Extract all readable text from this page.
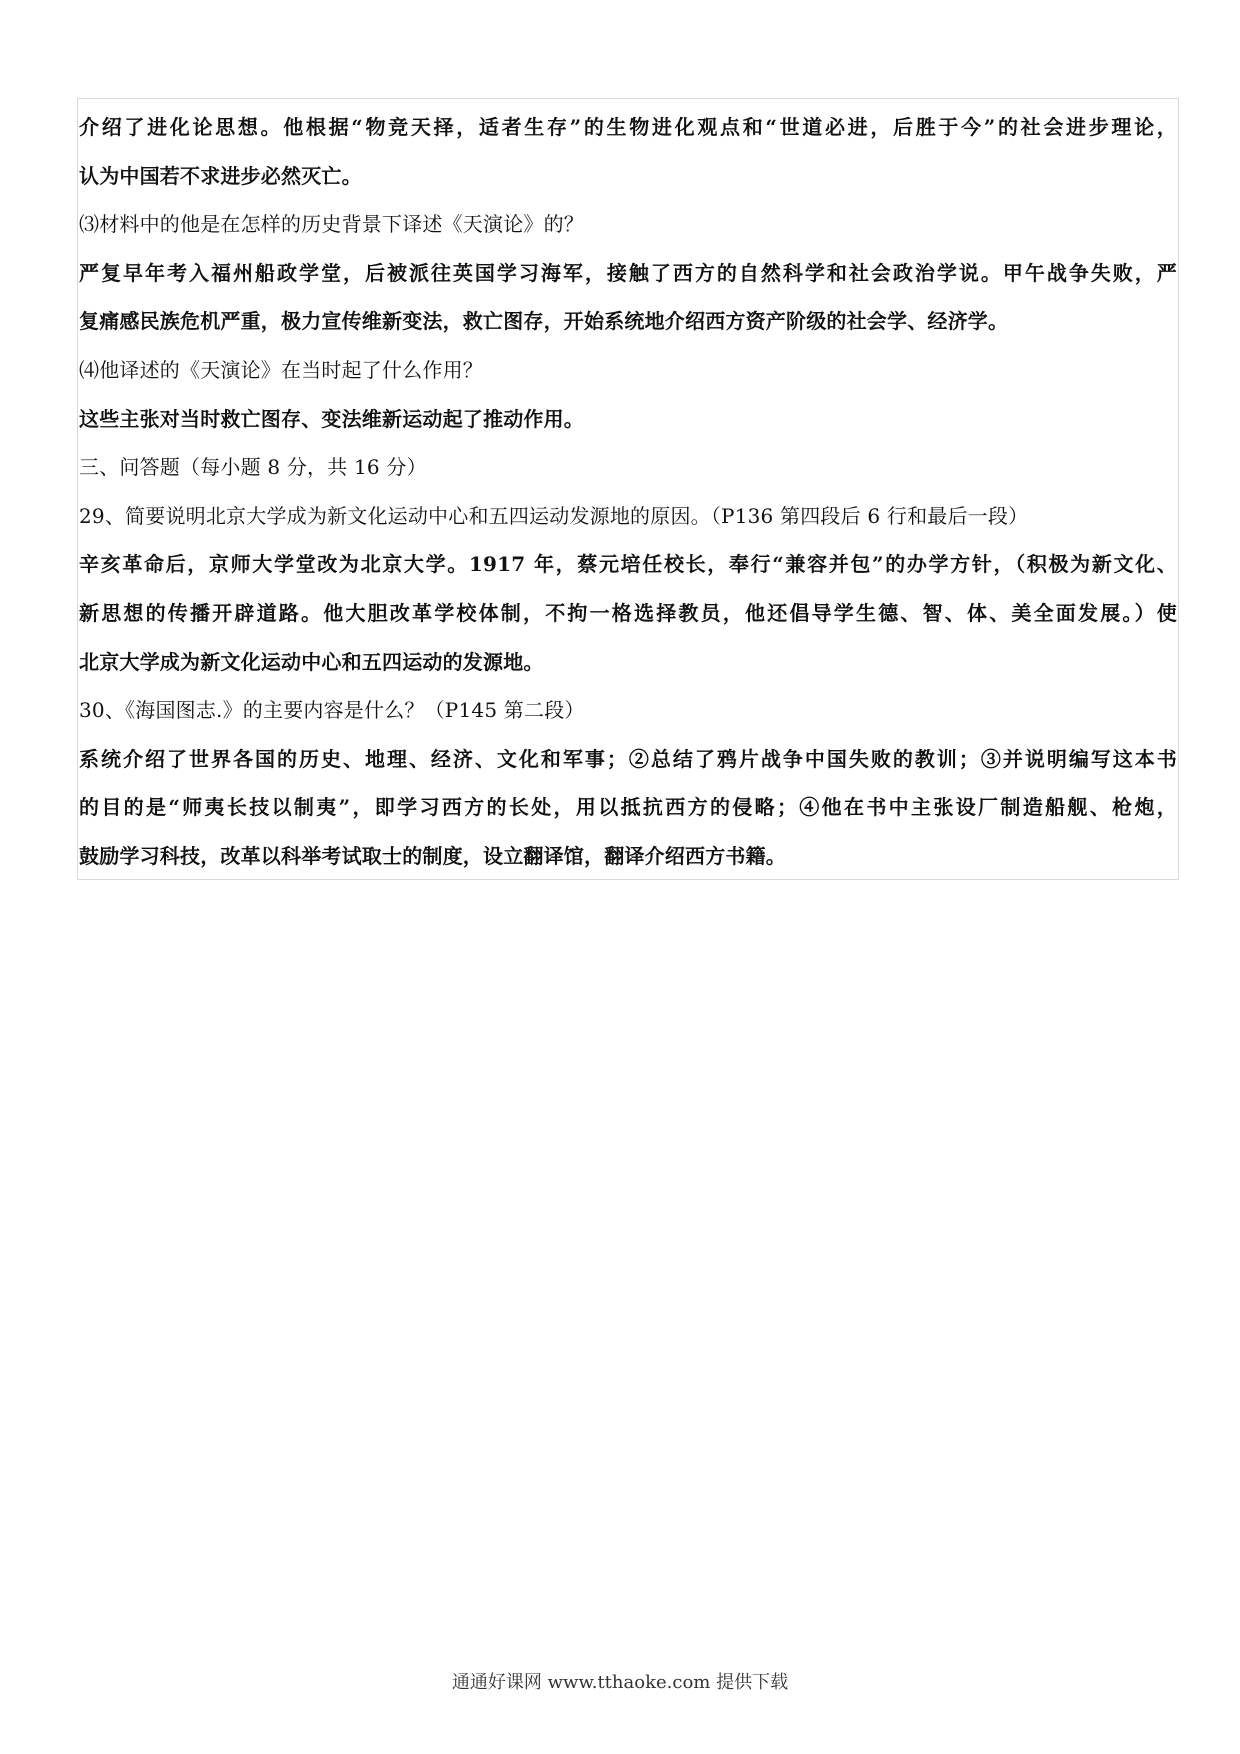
介绍了进化论思想。他根据“物竞天择，适者生存”的生物进化观点和“世道必进，后胜于今”的社会进步理论，
认为中国若不求进步必然灭亡。
⑶材料中的他是在怎样的历史背景下译述《天演论》的？
严复早年考入福州船政学堂，后被派往英国学习海军，接触了西方的自然科学和社会政治学说。甲午战争失败，严
复痛感民族危机严重，极力宣传维新变法，救亡图存，开始系统地介绍西方资产阶级的社会学、经济学。
⑷他译述的《天演论》在当时起了什么作用？
这些主张对当时救亡图存、变法维新运动起了推动作用。
三、问答题（每小题 8 分，共 16 分）
29、简要说明北京大学成为新文化运动中心和五四运动发源地的原因。（P136 第四段后 6 行和最后一段）
辛亥革命后，京师大学堂改为北京大学。1917 年，蔡元培任校长，奉行“兼容并包”的办学方针，（积极为新文化、
新思想的传播开辟道路。他大胆改革学校体制，不拘一格选择教员，他还倡导学生德、智、体、美全面发展。）使
北京大学成为新文化运动中心和五四运动的发源地。
30、《海国图志.》的主要内容是什么？（P145 第二段）
系统介绍了世界各国的历史、地理、经济、文化和军事；②总结了鸦片战争中国失败的教训；③并说明编写这本书
的目的是“师夷长技以制夷”，即学习西方的长处，用以抵抗西方的侵略；④他在书中主张设厂制造船舰、枪炮，
鼓励学习科技，改革以科举考试取士的制度，设立翻译馆，翻译介绍西方书籍。
通通好课网 www.tthaoke.com 提供下载
